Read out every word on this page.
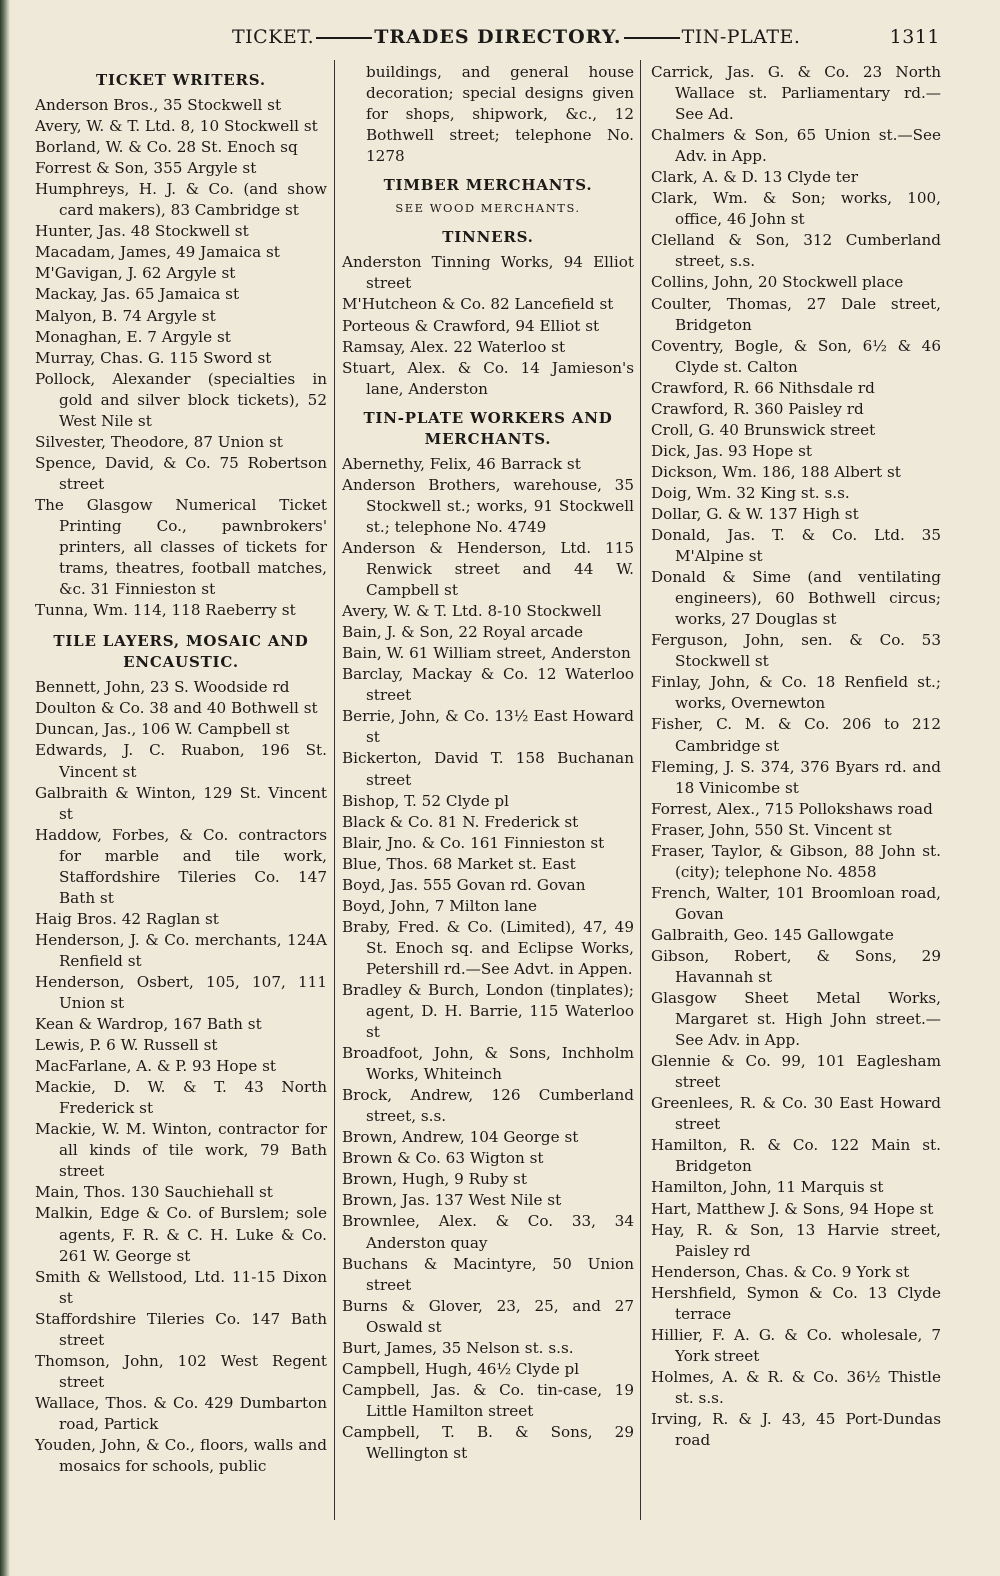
TICKET.	TRADES DIRECTORY.	TIN-PLATE.	1311
TICKET WRITERS.
Anderson Bros., 35 Stockwell st
Avery, W. & T. Ltd. 8, 10 Stockwell st
Borland, W. & Co. 28 St. Enoch sq
Forrest & Son, 355 Argyle st
Humphreys, H. J. & Co. (and show card makers), 83 Cambridge st
Hunter, Jas. 48 Stockwell st
Macadam, James, 49 Jamaica st
M'Gavigan, J. 62 Argyle st
Mackay, Jas. 65 Jamaica st
Malyon, B. 74 Argyle st
Monaghan, E. 7 Argyle st
Murray, Chas. G. 115 Sword st
Pollock, Alexander (specialties in gold and silver block tickets), 52 West Nile st
Silvester, Theodore, 87 Union st
Spence, David, & Co. 75 Robertson street
The Glasgow Numerical Ticket Printing Co., pawnbrokers' printers, all classes of tickets for trams, theatres, football matches, &c. 31 Finnieston st
Tunna, Wm. 114, 118 Raeberry st
TILE LAYERS, MOSAIC AND ENCAUSTIC.
Bennett, John, 23 S. Woodside rd
Doulton & Co. 38 and 40 Bothwell st
Duncan, Jas., 106 W. Campbell st
Edwards, J. C. Ruabon, 196 St. Vincent st
Galbraith & Winton, 129 St. Vincent st
Haddow, Forbes, & Co. contractors for marble and tile work, Staffordshire Tileries Co. 147 Bath st
Haig Bros. 42 Raglan st
Henderson, J. & Co. merchants, 124A Renfield st
Henderson, Osbert, 105, 107, 111 Union st
Kean & Wardrop, 167 Bath st
Lewis, P. 6 W. Russell st
MacFarlane, A. & P. 93 Hope st
Mackie, D. W. & T. 43 North Frederick st
Mackie, W. M. Winton, contractor for all kinds of tile work, 79 Bath street
Main, Thos. 130 Sauchiehall st
Malkin, Edge & Co. of Burslem; sole agents, F. R. & C. H. Luke & Co. 261 W. George st
Smith & Wellstood, Ltd. 11-15 Dixon st
Staffordshire Tileries Co. 147 Bath street
Thomson, John, 102 West Regent street
Wallace, Thos. & Co. 429 Dumbarton road, Partick
Youden, John, & Co., floors, walls and mosaics for schools, public
buildings, and general house decoration; special designs given for shops, shipwork, &c., 12 Bothwell street; telephone No. 1278
TIMBER MERCHANTS.
SEE WOOD MERCHANTS.
TINNERS.
Anderston Tinning Works, 94 Elliot street
M'Hutcheon & Co. 82 Lancefield st
Porteous & Crawford, 94 Elliot st
Ramsay, Alex. 22 Waterloo st
Stuart, Alex. & Co. 14 Jamieson's lane, Anderston
TIN-PLATE WORKERS AND MERCHANTS.
Abernethy, Felix, 46 Barrack st
Anderson Brothers, warehouse, 35 Stockwell st.; works, 91 Stockwell st.; telephone No. 4749
Anderson & Henderson, Ltd. 115 Renwick street and 44 W. Campbell st
Avery, W. & T. Ltd. 8-10 Stockwell
Bain, J. & Son, 22 Royal arcade
Bain, W. 61 William street, Anderston
Barclay, Mackay & Co. 12 Waterloo street
Berrie, John, & Co. 13½ East Howard st
Bickerton, David T. 158 Buchanan street
Bishop, T. 52 Clyde pl
Black & Co. 81 N. Frederick st
Blair, Jno. & Co. 161 Finnieston st
Blue, Thos. 68 Market st. East
Boyd, Jas. 555 Govan rd. Govan
Boyd, John, 7 Milton lane
Braby, Fred. & Co. (Limited), 47, 49 St. Enoch sq. and Eclipse Works, Petershill rd.—See Advt. in Appen.
Bradley & Burch, London (tinplates); agent, D. H. Barrie, 115 Waterloo st
Broadfoot, John, & Sons, Inchholm Works, Whiteinch
Brock, Andrew, 126 Cumberland street, s.s.
Brown, Andrew, 104 George st
Brown & Co. 63 Wigton st
Brown, Hugh, 9 Ruby st
Brown, Jas. 137 West Nile st
Brownlee, Alex. & Co. 33, 34 Anderston quay
Buchans & Macintyre, 50 Union street
Burns & Glover, 23, 25, and 27 Oswald st
Burt, James, 35 Nelson st. s.s.
Campbell, Hugh, 46½ Clyde pl
Campbell, Jas. & Co. tin-case, 19 Little Hamilton street
Campbell, T. B. & Sons, 29 Wellington st
Carrick, Jas. G. & Co. 23 North Wallace st. Parliamentary rd.—See Ad.
Chalmers & Son, 65 Union st.—See Adv. in App.
Clark, A. & D. 13 Clyde ter
Clark, Wm. & Son; works, 100, office, 46 John st
Clelland & Son, 312 Cumberland street, s.s.
Collins, John, 20 Stockwell place
Coulter, Thomas, 27 Dale street, Bridgeton
Coventry, Bogle, & Son, 6½ & 46 Clyde st. Calton
Crawford, R. 66 Nithsdale rd
Crawford, R. 360 Paisley rd
Croll, G. 40 Brunswick street
Dick, Jas. 93 Hope st
Dickson, Wm. 186, 188 Albert st
Doig, Wm. 32 King st. s.s.
Dollar, G. & W. 137 High st
Donald, Jas. T. & Co. Ltd. 35 M'Alpine st
Donald & Sime (and ventilating engineers), 60 Bothwell circus; works, 27 Douglas st
Ferguson, John, sen. & Co. 53 Stockwell st
Finlay, John, & Co. 18 Renfield st.; works, Overnewton
Fisher, C. M. & Co. 206 to 212 Cambridge st
Fleming, J. S. 374, 376 Byars rd. and 18 Vinicombe st
Forrest, Alex., 715 Pollokshaws road
Fraser, John, 550 St. Vincent st
Fraser, Taylor, & Gibson, 88 John st. (city); telephone No. 4858
French, Walter, 101 Broomloan road, Govan
Galbraith, Geo. 145 Gallowgate
Gibson, Robert, & Sons, 29 Havannah st
Glasgow Sheet Metal Works, Margaret st. High John street.—See Adv. in App.
Glennie & Co. 99, 101 Eaglesham street
Greenlees, R. & Co. 30 East Howard street
Hamilton, R. & Co. 122 Main st. Bridgeton
Hamilton, John, 11 Marquis st
Hart, Matthew J. & Sons, 94 Hope st
Hay, R. & Son, 13 Harvie street, Paisley rd
Henderson, Chas. & Co. 9 York st
Hershfield, Symon & Co. 13 Clyde terrace
Hillier, F. A. G. & Co. wholesale, 7 York street
Holmes, A. & R. & Co. 36½ Thistle st. s.s.
Irving, R. & J. 43, 45 Port-Dundas road
